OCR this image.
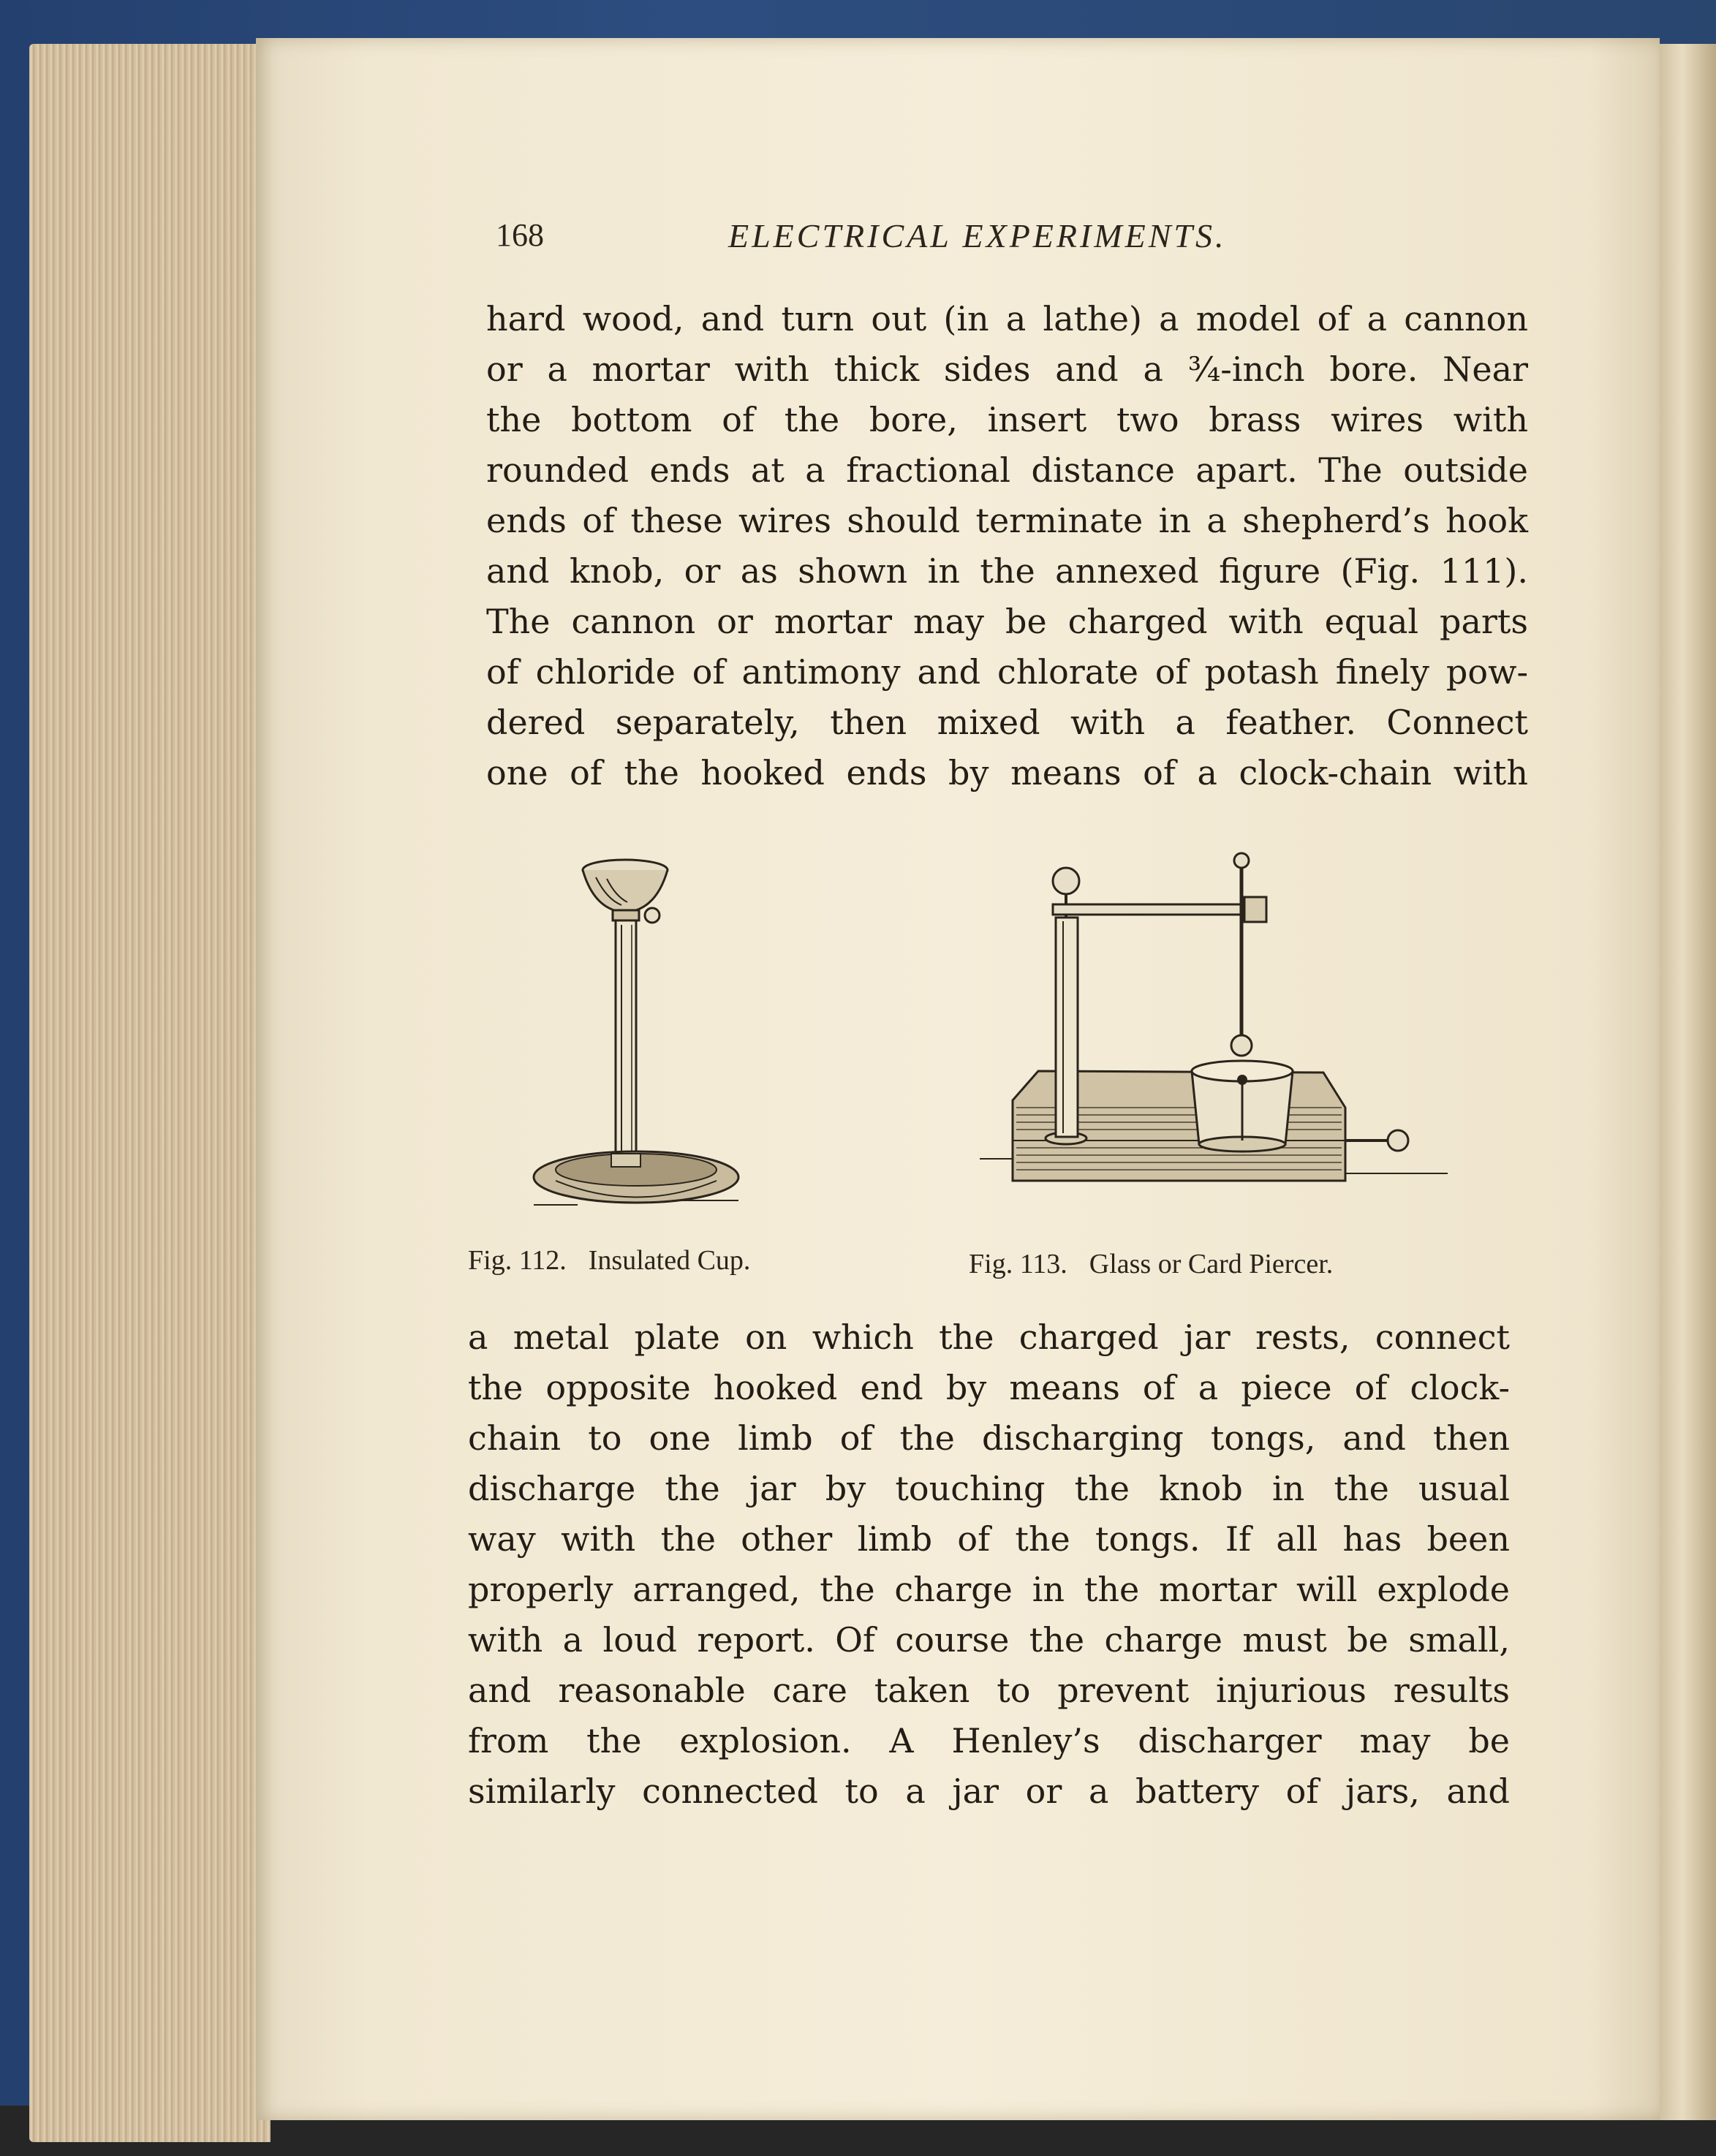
168	ELECTRICAL EXPERIMENTS.
hard wood, and turn out (in a lathe) a model of a cannon
or a mortar with thick sides and a ¾-inch bore. Near
the bottom of the bore, insert two brass wires with
rounded ends at a fractional distance apart. The outside
ends of these wires should terminate in a shepherd’s hook
and knob, or as shown in the annexed figure (Fig. 111).
The cannon or mortar may be charged with equal parts
of chloride of antimony and chlorate of potash finely pow-
dered separately, then mixed with a feather. Connect
one of the hooked ends by means of a clock-chain with
Fig. 112. Insulated Cup.	Fig. 113. Glass or Card Piercer.
a metal plate on which the charged jar rests, connect
the opposite hooked end by means of a piece of clock-
chain to one limb of the discharging tongs, and then
discharge the jar by touching the knob in the usual
way with the other limb of the tongs. If all has been
properly arranged, the charge in the mortar will explode
with a loud report. Of course the charge must be small,
and reasonable care taken to prevent injurious results
from the explosion. A Henley’s discharger may be
similarly connected to a jar or a battery of jars, and
